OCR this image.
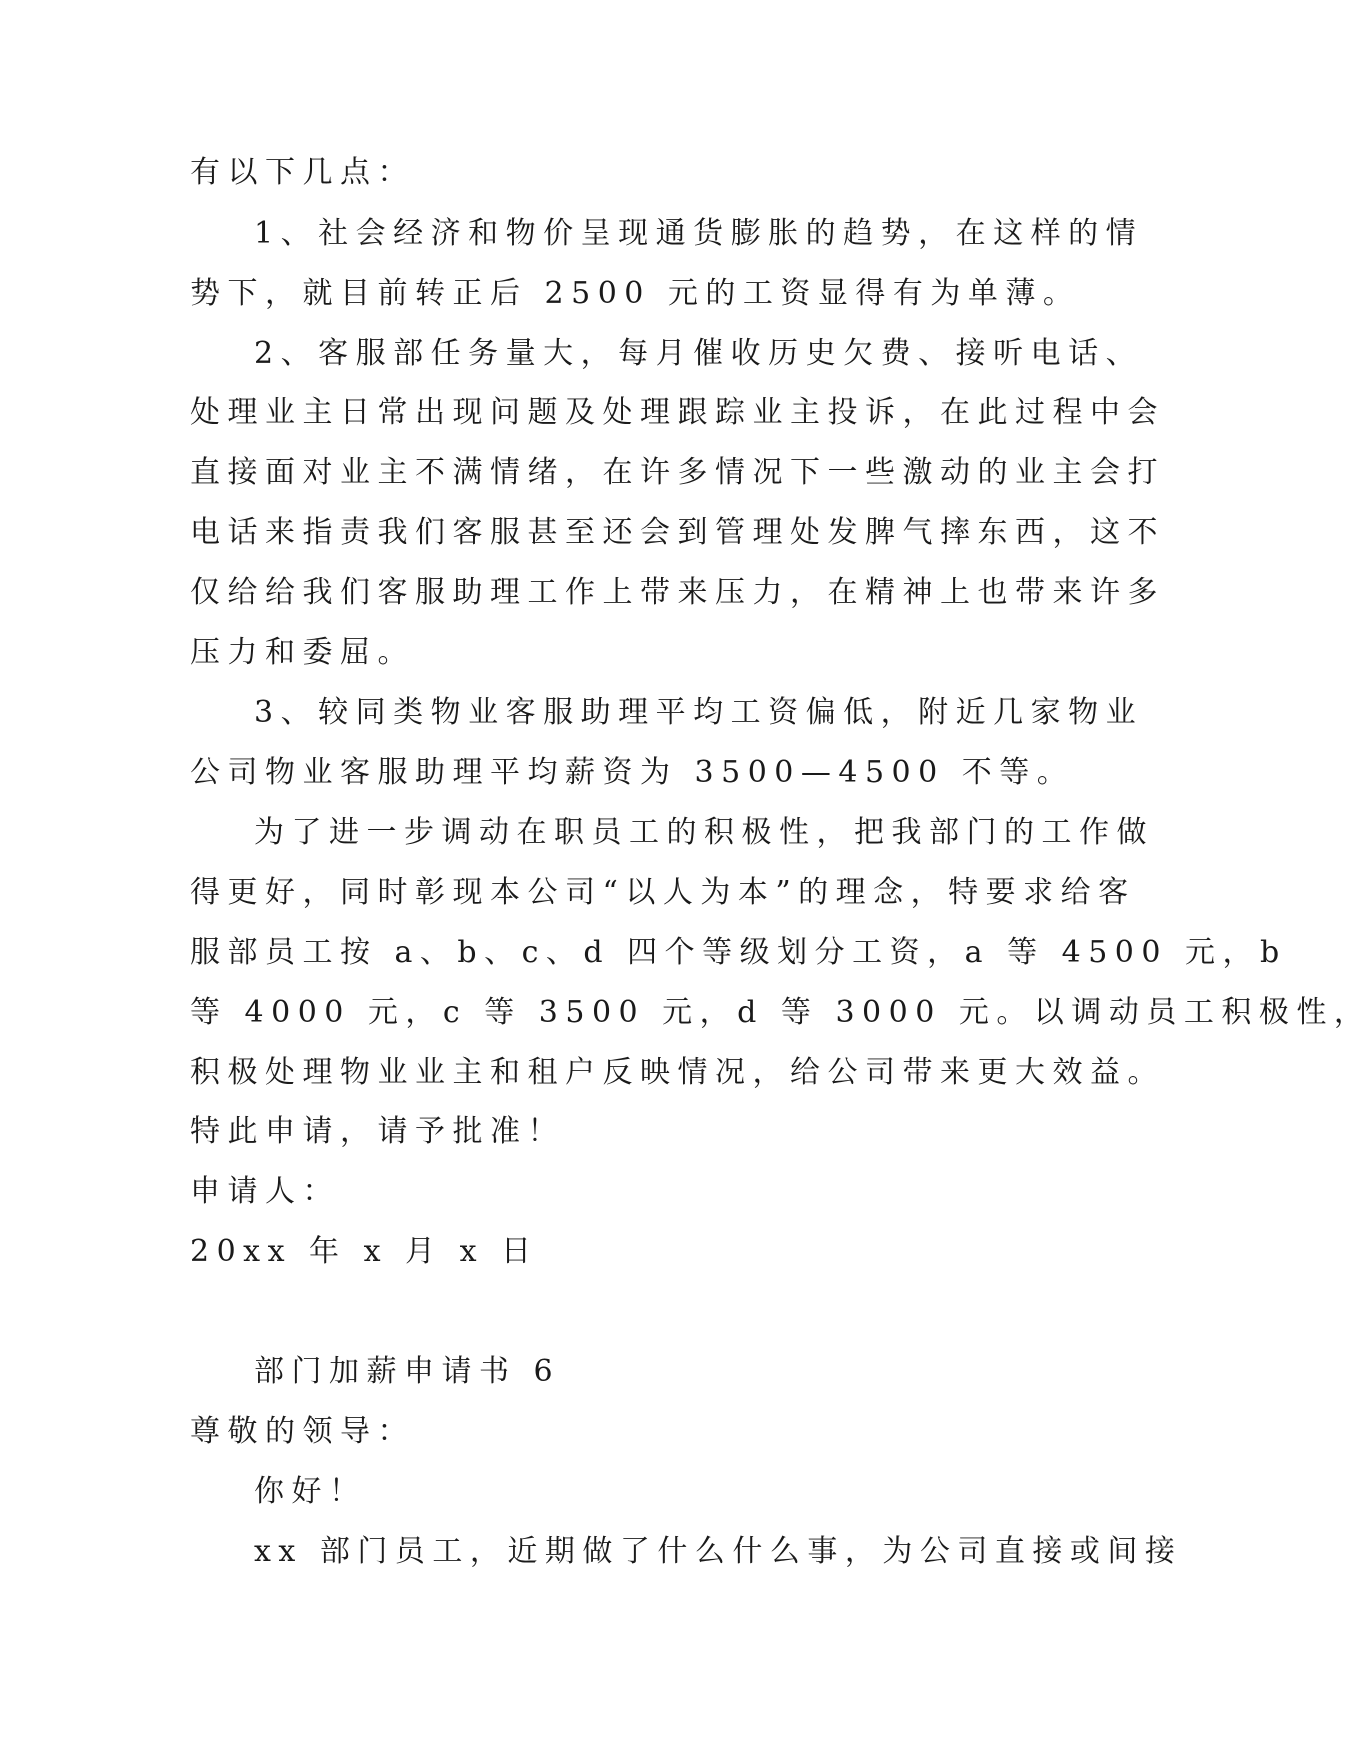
有以下几点：
1、社会经济和物价呈现通货膨胀的趋势，在这样的情
势下，就目前转正后 2500 元的工资显得有为单薄。
2、客服部任务量大，每月催收历史欠费、接听电话、
处理业主日常出现问题及处理跟踪业主投诉，在此过程中会
直接面对业主不满情绪，在许多情况下一些激动的业主会打
电话来指责我们客服甚至还会到管理处发脾气摔东西，这不
仅给给我们客服助理工作上带来压力，在精神上也带来许多
压力和委屈。
3、较同类物业客服助理平均工资偏低，附近几家物业
公司物业客服助理平均薪资为 3500—4500 不等。
为了进一步调动在职员工的积极性，把我部门的工作做
得更好，同时彰现本公司“以人为本”的理念，特要求给客
服部员工按 a、b、c、d 四个等级划分工资，a 等 4500 元，b
等 4000 元，c 等 3500 元，d 等 3000 元。以调动员工积极性，
积极处理物业业主和租户反映情况，给公司带来更大效益。
特此申请，请予批准！
申请人：
20xx 年 x 月 x 日
部门加薪申请书 6
尊敬的领导：
你好！
xx 部门员工，近期做了什么什么事，为公司直接或间接
